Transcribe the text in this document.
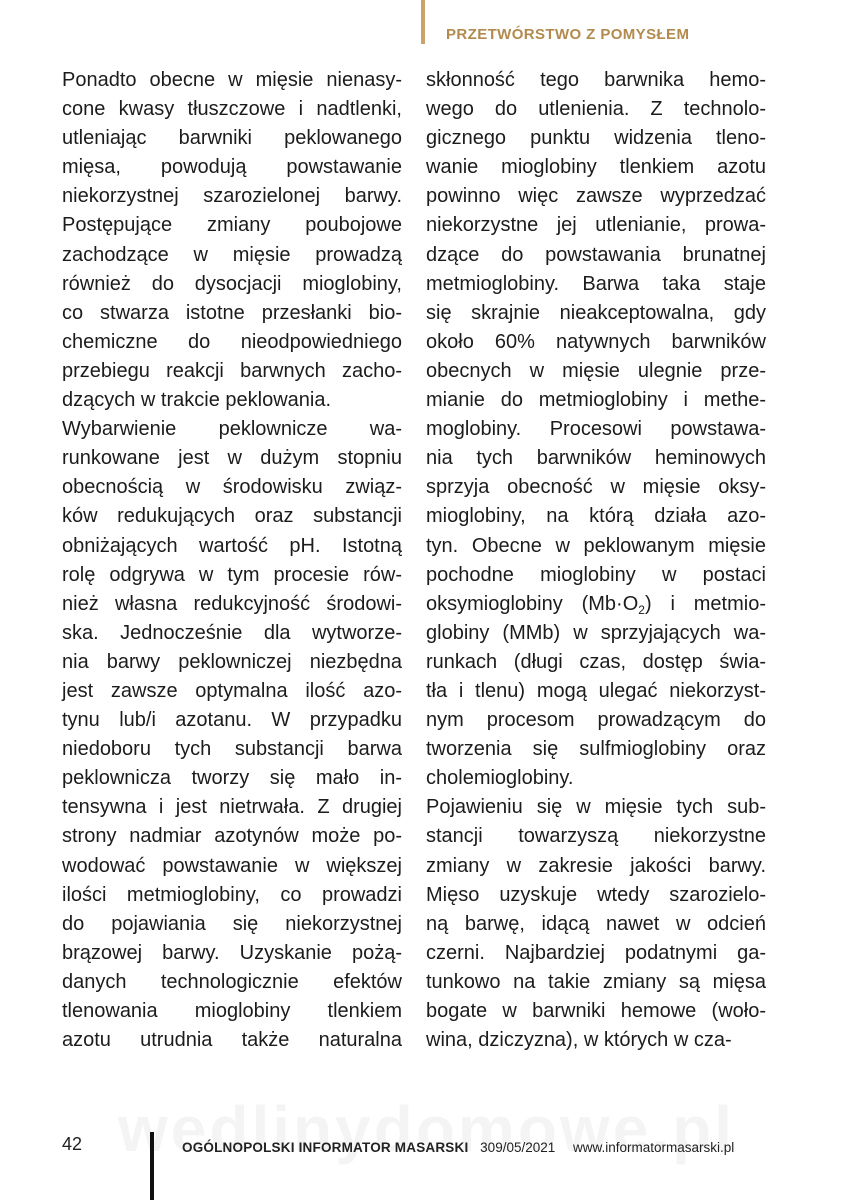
PRZETWÓRSTWO Z POMYSŁEM

Ponadto obecne w mięsie nienasy-

cone kwasy tłuszczowe i nadtlenki,

utleniając barwniki peklowanego

mięsa, powodują powstawanie

niekorzystnej szarozielonej barwy.

Postępujące zmiany poubojowe

zachodzące w mięsie prowadzą

również do dysocjacji mioglobiny,

co stwarza istotne przesłanki bio-

chemiczne do nieodpowiedniego

przebiegu reakcji barwnych zacho-

dzących w trakcie peklowania.

Wybarwienie peklownicze wa-

runkowane jest w dużym stopniu

obecnością w środowisku związ-

ków redukujących oraz substancji

obniżających wartość pH. Istotną

rolę odgrywa w tym procesie rów-

nież własna redukcyjność środowi-

ska. Jednocześnie dla wytworze-

nia barwy peklowniczej niezbędna

jest zawsze optymalna ilość azo-

tynu lub/i azotanu. W przypadku

niedoboru tych substancji barwa

peklownicza tworzy się mało in-

tensywna i jest nietrwała. Z drugiej

strony nadmiar azotynów może po-

wodować powstawanie w większej

ilości metmioglobiny, co prowadzi

do pojawiania się niekorzystnej

brązowej barwy. Uzyskanie pożą-

danych technologicznie efektów

tlenowania mioglobiny tlenkiem

azotu utrudnia także naturalna

skłonność tego barwnika hemo-

wego do utlenienia. Z technolo-

gicznego punktu widzenia tleno-

wanie mioglobiny tlenkiem azotu

powinno więc zawsze wyprzedzać

niekorzystne jej utlenianie, prowa-

dzące do powstawania brunatnej

metmioglobiny. Barwa taka staje

się skrajnie nieakceptowalna, gdy

około 60% natywnych barwników

obecnych w mięsie ulegnie prze-

mianie do metmioglobiny i methe-

moglobiny. Procesowi powstawa-

nia tych barwników heminowych

sprzyja obecność w mięsie oksy-

mioglobiny, na którą działa azo-

tyn. Obecne w peklowanym mięsie

pochodne mioglobiny w postaci

oksymioglobiny $(Mb\cdot O_2)$ i metmio-

globiny (MMb) w sprzyjających wa-

runkach (długi czas, dostęp świa-

tła i tlenu) mogą ulegać niekorzyst-

nym procesom prowadzącym do

tworzenia się sulfmioglobiny oraz

cholemioglobiny.

Pojawieniu się w mięsie tych sub-

stancji towarzyszą niekorzystne

zmiany w zakresie jakości barwy.

Mięso uzyskuje wtedy szarozielo-

ną barwę, idącą nawet w odcień

czerni. Najbardziej podatnymi ga-

tunkowo na takie zmiany są mięsa

bogate w barwniki hemowe (woło-

wina, dziczyzna), w których w cza-

42	OGÓLNOPOLSKI INFORMATOR MASARSKI 309/05/2021 www.informatormasarski.pl
